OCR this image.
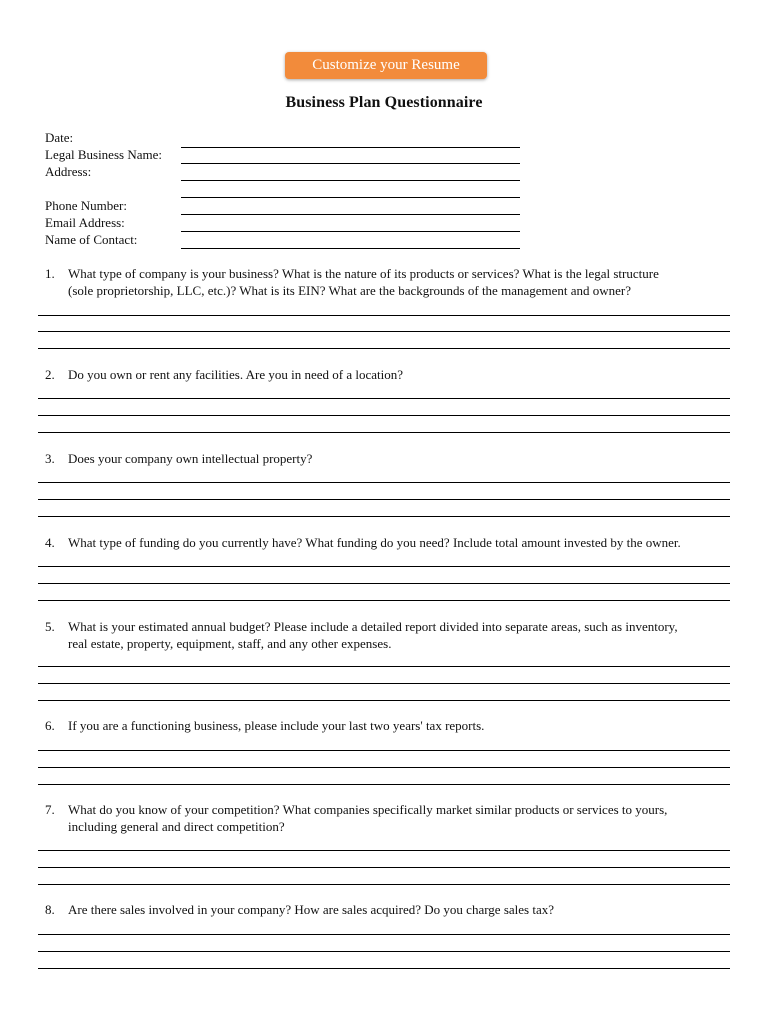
Customize your Resume
Business Plan Questionnaire
Date:
Legal Business Name:
Address:
Phone Number:
Email Address:
Name of Contact:
1. What type of company is your business? What is the nature of its products or services? What is the legal structure
(sole proprietorship, LLC, etc.)? What is its EIN? What are the backgrounds of the management and owner?
2. Do you own or rent any facilities. Are you in need of a location?
3. Does your company own intellectual property?
4. What type of funding do you currently have? What funding do you need? Include total amount invested by the owner.
5. What is your estimated annual budget? Please include a detailed report divided into separate areas, such as inventory,
real estate, property, equipment, staff, and any other expenses.
6. If you are a functioning business, please include your last two years' tax reports.
7. What do you know of your competition? What companies specifically market similar products or services to yours,
including general and direct competition?
8. Are there sales involved in your company? How are sales acquired? Do you charge sales tax?
